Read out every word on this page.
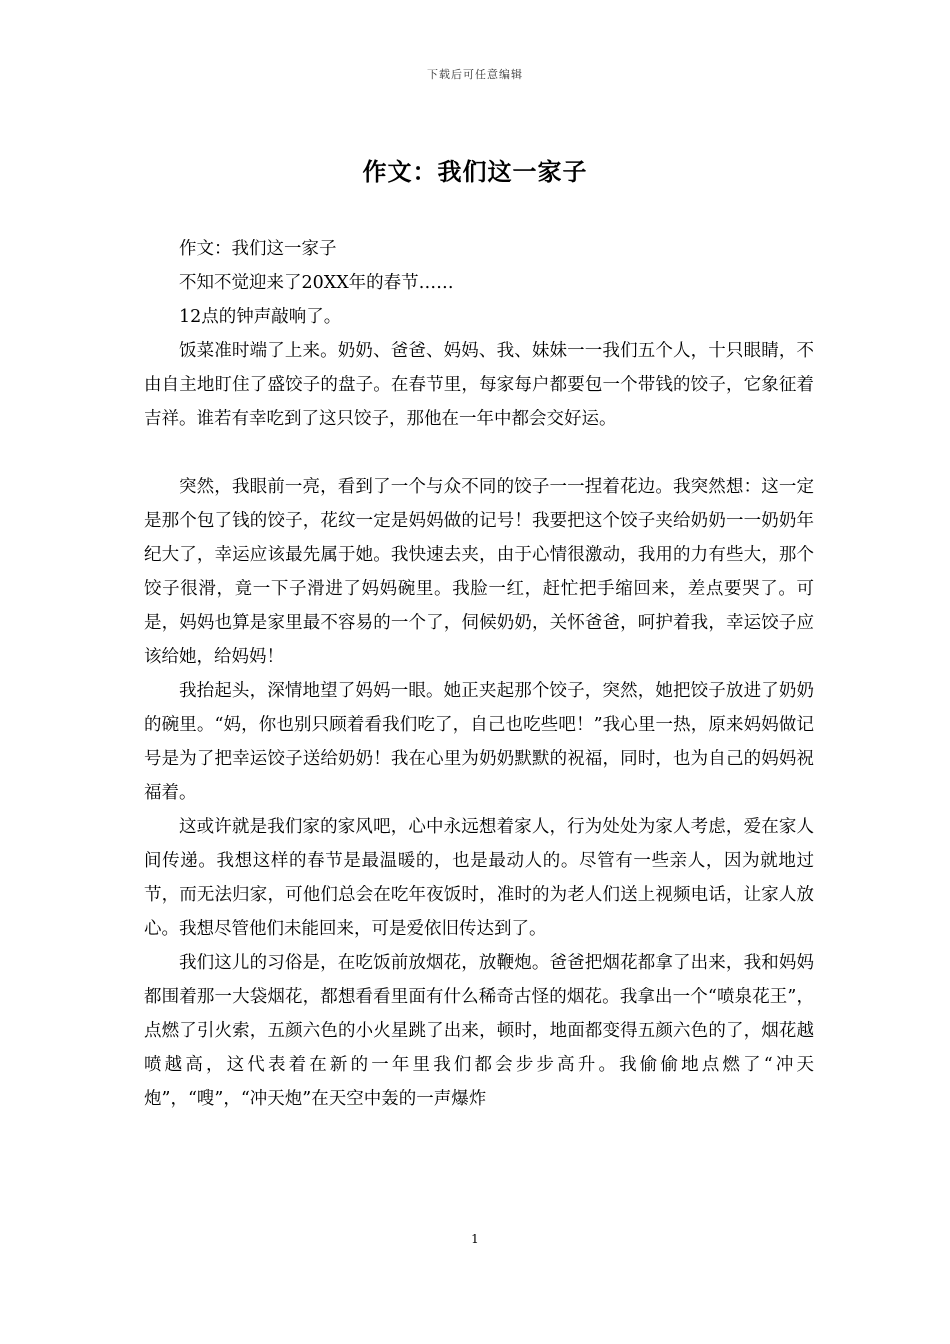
下载后可任意编辑
作文：我们这一家子

作文：我们这一家子

不知不觉迎来了20XX年的春节……

12点的钟声敲响了。

饭菜准时端了上来。奶奶、爸爸、妈妈、我、妹妹一一我们五个人，十只眼睛，不由自主地盯住了盛饺子的盘子。在春节里，每家每户都要包一个带钱的饺子，它象征着吉祥。谁若有幸吃到了这只饺子，那他在一年中都会交好运。

突然，我眼前一亮，看到了一个与众不同的饺子一一捏着花边。我突然想：这一定是那个包了钱的饺子，花纹一定是妈妈做的记号！我要把这个饺子夹给奶奶一一奶奶年纪大了，幸运应该最先属于她。我快速去夹，由于心情很激动，我用的力有些大，那个饺子很滑，竟一下子滑进了妈妈碗里。我脸一红，赶忙把手缩回来，差点要哭了。可是，妈妈也算是家里最不容易的一个了，伺候奶奶，关怀爸爸，呵护着我，幸运饺子应该给她，给妈妈！

我抬起头，深情地望了妈妈一眼。她正夹起那个饺子，突然，她把饺子放进了奶奶的碗里。“妈，你也别只顾着看我们吃了，自己也吃些吧！”我心里一热，原来妈妈做记号是为了把幸运饺子送给奶奶！我在心里为奶奶默默的祝福，同时，也为自己的妈妈祝福着。

这或许就是我们家的家风吧，心中永远想着家人，行为处处为家人考虑，爱在家人间传递。我想这样的春节是最温暖的，也是最动人的。尽管有一些亲人，因为就地过节，而无法归家，可他们总会在吃年夜饭时，准时的为老人们送上视频电话，让家人放心。我想尽管他们未能回来，可是爱依旧传达到了。

我们这儿的习俗是，在吃饭前放烟花，放鞭炮。爸爸把烟花都拿了出来，我和妈妈都围着那一大袋烟花，都想看看里面有什么稀奇古怪的烟花。我拿出一个“喷泉花王”，点燃了引火索，五颜六色的小火星跳了出来，顿时，地面都变得五颜六色的了，烟花越喷越高，这代表着在新的一年里我们都会步步高升。我偷偷地点燃了“冲天炮”，“嗖”，“冲天炮”在天空中轰的一声爆炸

1
